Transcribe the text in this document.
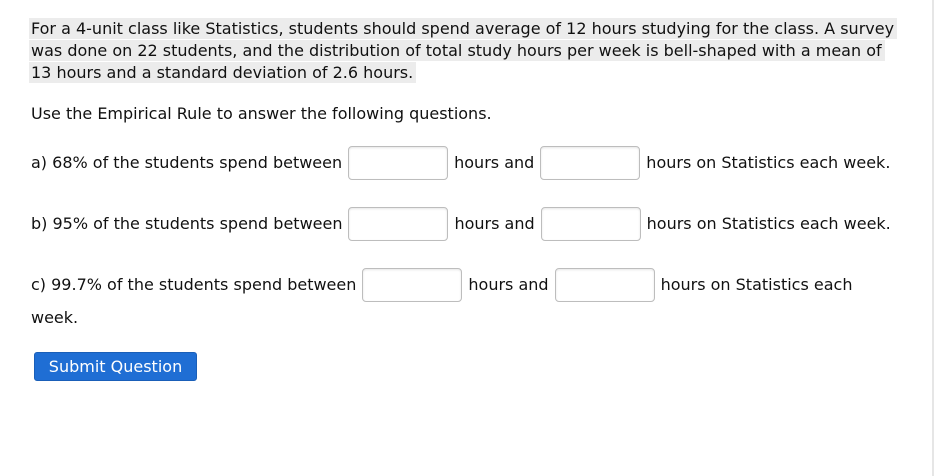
For a 4-unit class like Statistics, students should spend average of 12 hours studying for the class. A survey
was done on 22 students, and the distribution of total study hours per week is bell-shaped with a mean of
13 hours and a standard deviation of 2.6 hours.
Use the Empirical Rule to answer the following questions.
a) 68% of the students spend between	hours and	hours on Statistics each week.
b) 95% of the students spend between	hours and	hours on Statistics each week.
c) 99.7% of the students spend between	hours and	hours on Statistics each
week.
Submit Question
